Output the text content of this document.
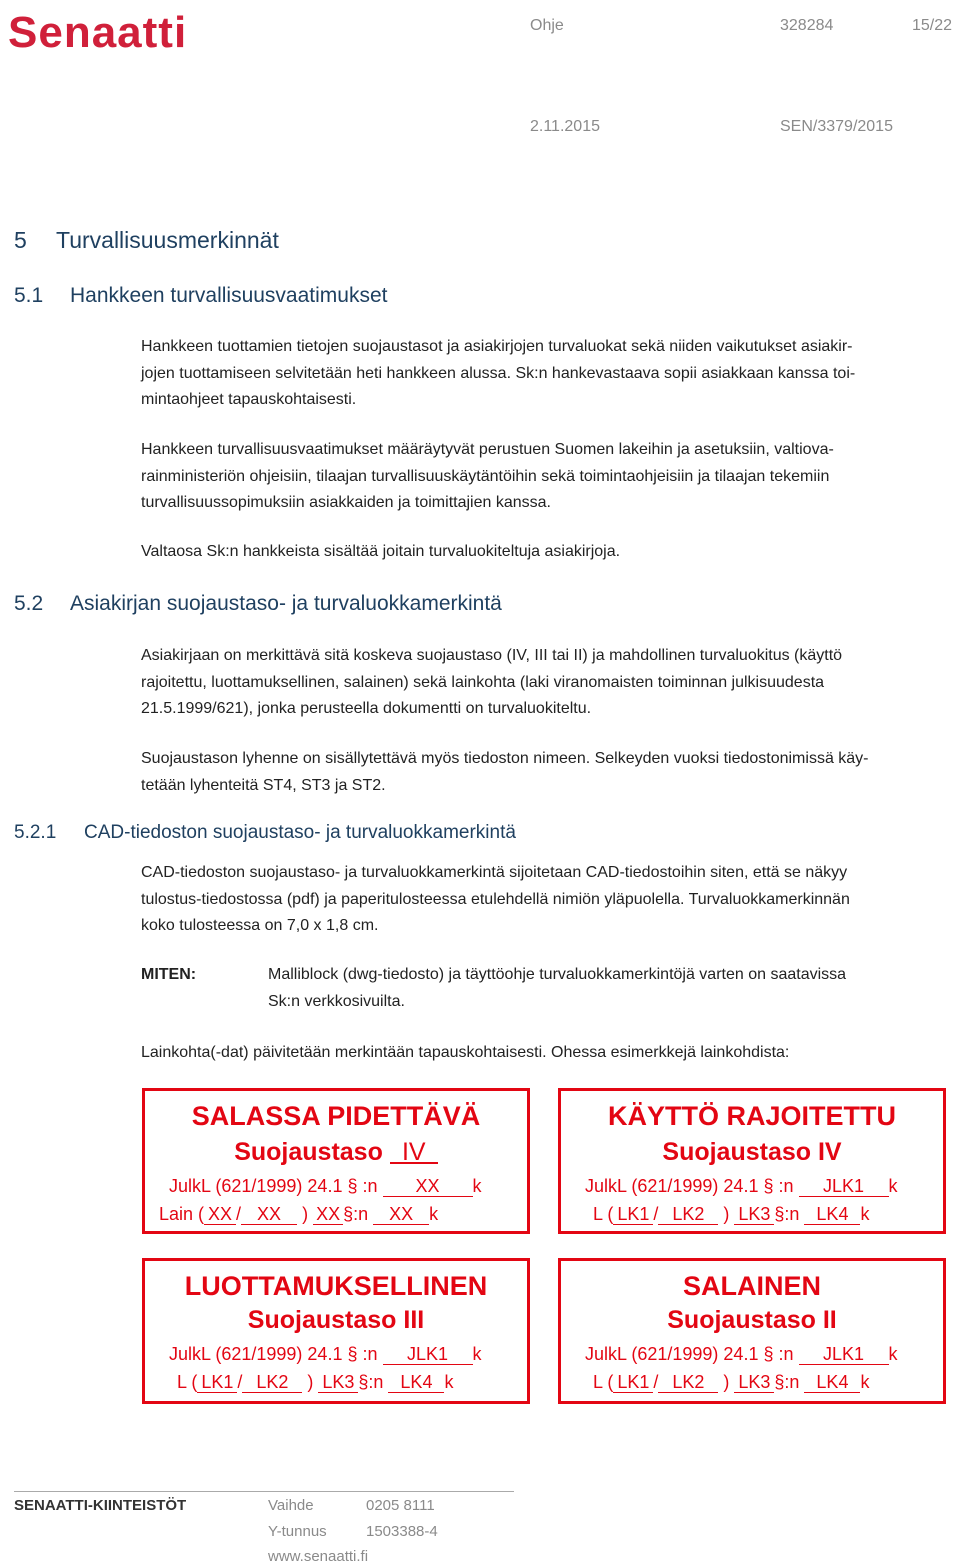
Senaatti	Ohje	328284	15/22
2.11.2015	SEN/3379/2015
5 Turvallisuusmerkinnät
5.1 Hankkeen turvallisuusvaatimukset
Hankkeen tuottamien tietojen suojaustasot ja asiakirjojen turvaluokat sekä niiden vaikutukset asiakir-
jojen tuottamiseen selvitetään heti hankkeen alussa. Sk:n hankevastaava sopii asiakkaan kanssa toi-
mintaohjeet tapauskohtaisesti.
Hankkeen turvallisuusvaatimukset määräytyvät perustuen Suomen lakeihin ja asetuksiin, valtiova-
rainministeriön ohjeisiin, tilaajan turvallisuuskäytäntöihin sekä toimintaohjeisiin ja tilaajan tekemiin
turvallisuussopimuksiin asiakkaiden ja toimittajien kanssa.
Valtaosa Sk:n hankkeista sisältää joitain turvaluokiteltuja asiakirjoja.
5.2 Asiakirjan suojaustaso- ja turvaluokkamerkintä
Asiakirjaan on merkittävä sitä koskeva suojaustaso (IV, III tai II) ja mahdollinen turvaluokitus (käyttö
rajoitettu, luottamuksellinen, salainen) sekä lainkohta (laki viranomaisten toiminnan julkisuudesta
21.5.1999/621), jonka perusteella dokumentti on turvaluokiteltu.
Suojaustason lyhenne on sisällytettävä myös tiedoston nimeen. Selkeyden vuoksi tiedostonimissä käy-
tetään lyhenteitä ST4, ST3 ja ST2.
5.2.1 CAD-tiedoston suojaustaso- ja turvaluokkamerkintä
CAD-tiedoston suojaustaso- ja turvaluokkamerkintä sijoitetaan CAD-tiedostoihin siten, että se näkyy
tulostus-tiedostossa (pdf) ja paperitulosteessa etulehdellä nimiön yläpuolella. Turvaluokkamerkinnän
koko tulosteessa on 7,0 x 1,8 cm.
MITEN:	Malliblock (dwg-tiedosto) ja täyttöohje turvaluokkamerkintöjä varten on saatavissa
Sk:n verkkosivuilta.
Lainkohta(-dat) päivitetään merkintään tapauskohtaisesti. Ohessa esimerkkejä lainkohdista:
SALASSA PIDETTÄVÄ
Suojaustaso IV
JulkL (621/1999) 24.1 § :n XX k
Lain ( XX / XX ) XX §:n XX k
KÄYTTÖ RAJOITETTU
Suojaustaso IV
JulkL (621/1999) 24.1 § :n JLK1 k
L ( LK1 / LK2 ) LK3 §:n LK4 k
LUOTTAMUKSELLINEN
Suojaustaso III
JulkL (621/1999) 24.1 § :n JLK1 k
L ( LK1 / LK2 ) LK3 §:n LK4 k
SALAINEN
Suojaustaso II
JulkL (621/1999) 24.1 § :n JLK1 k
L ( LK1 / LK2 ) LK3 §:n LK4 k
SENAATTI-KIINTEISTÖT	Vaihde	0205 8111
Y-tunnus	1503388-4
www.senaatti.fi
